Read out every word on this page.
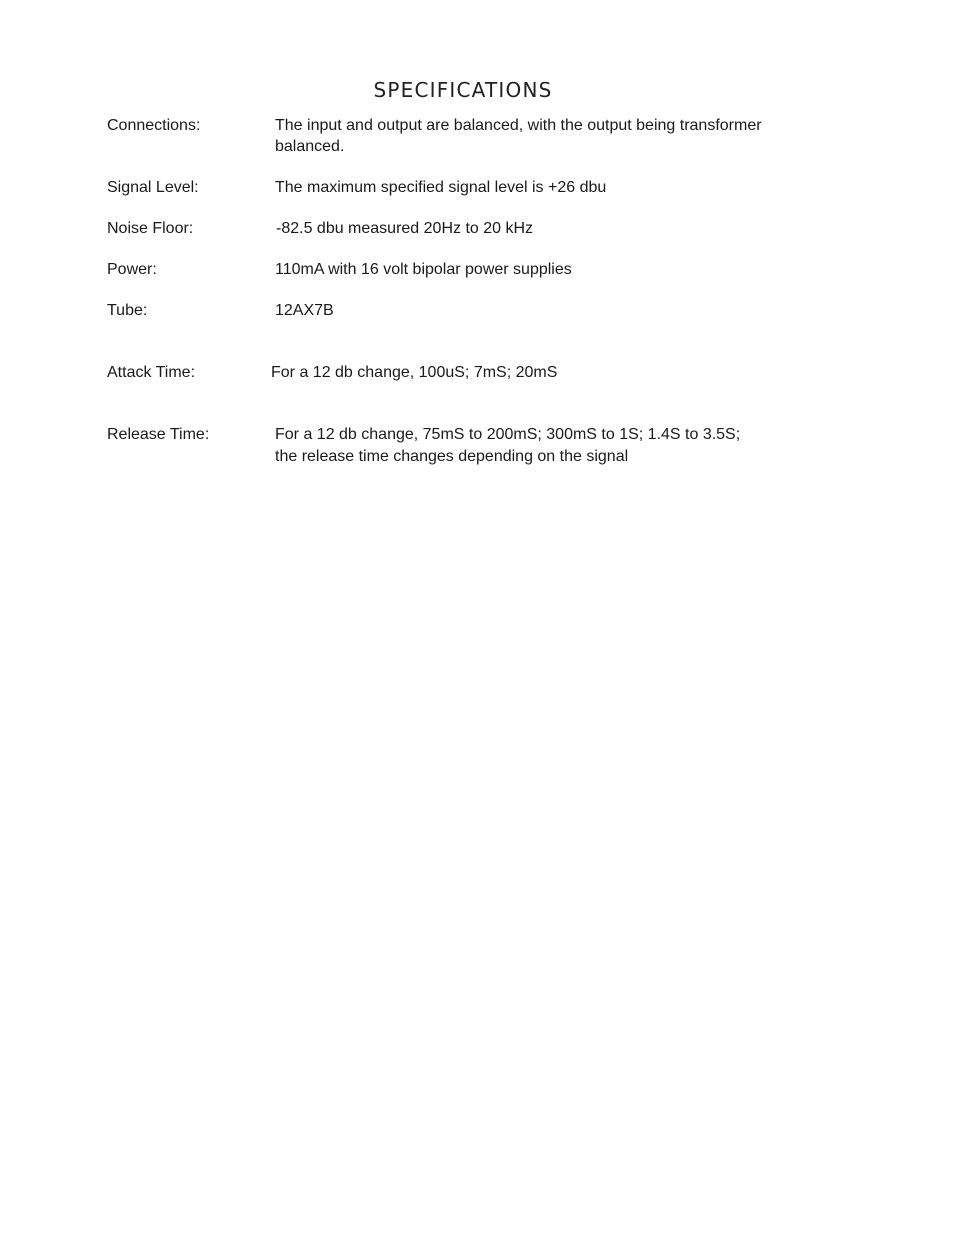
SPECIFICATIONS
Connections:	The input and output are balanced, with the output being transformer
balanced.
Signal Level:	The maximum specified signal level is +26 dbu
Noise Floor:	-82.5 dbu measured 20Hz to 20 kHz
Power:	110mA with 16 volt bipolar power supplies
Tube:	12AX7B
Attack Time:	For a 12 db change, 100uS; 7mS; 20mS
Release Time:	For a 12 db change, 75mS to 200mS; 300mS to 1S; 1.4S to 3.5S;
the release time changes depending on the signal
